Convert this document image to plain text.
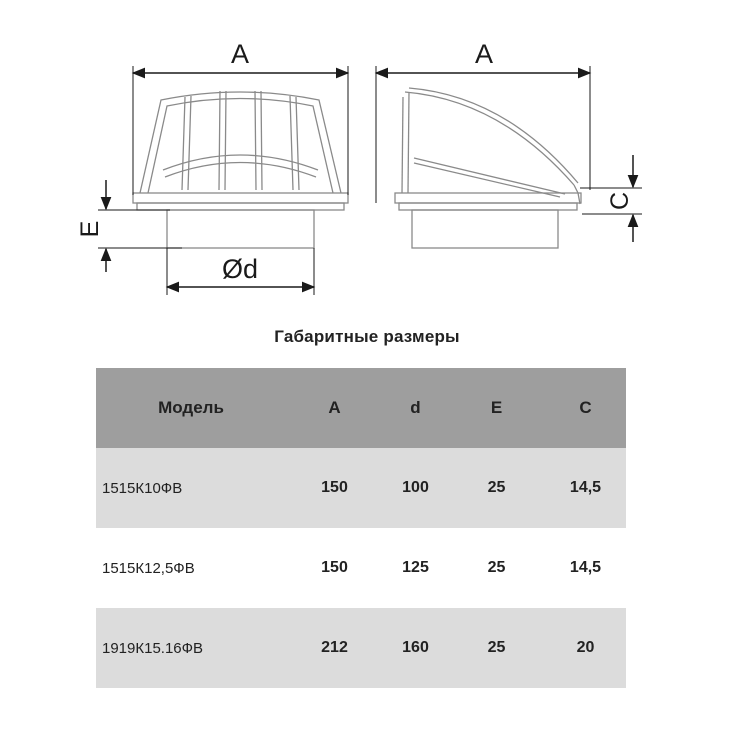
A
Ød
E
A
C
Габаритные размеры
Модель	A	d	E	C
1515К10ФВ	150	100	25	14,5
1515К12,5ФВ	150	125	25	14,5
1919К15.16ФВ	212	160	25	20
